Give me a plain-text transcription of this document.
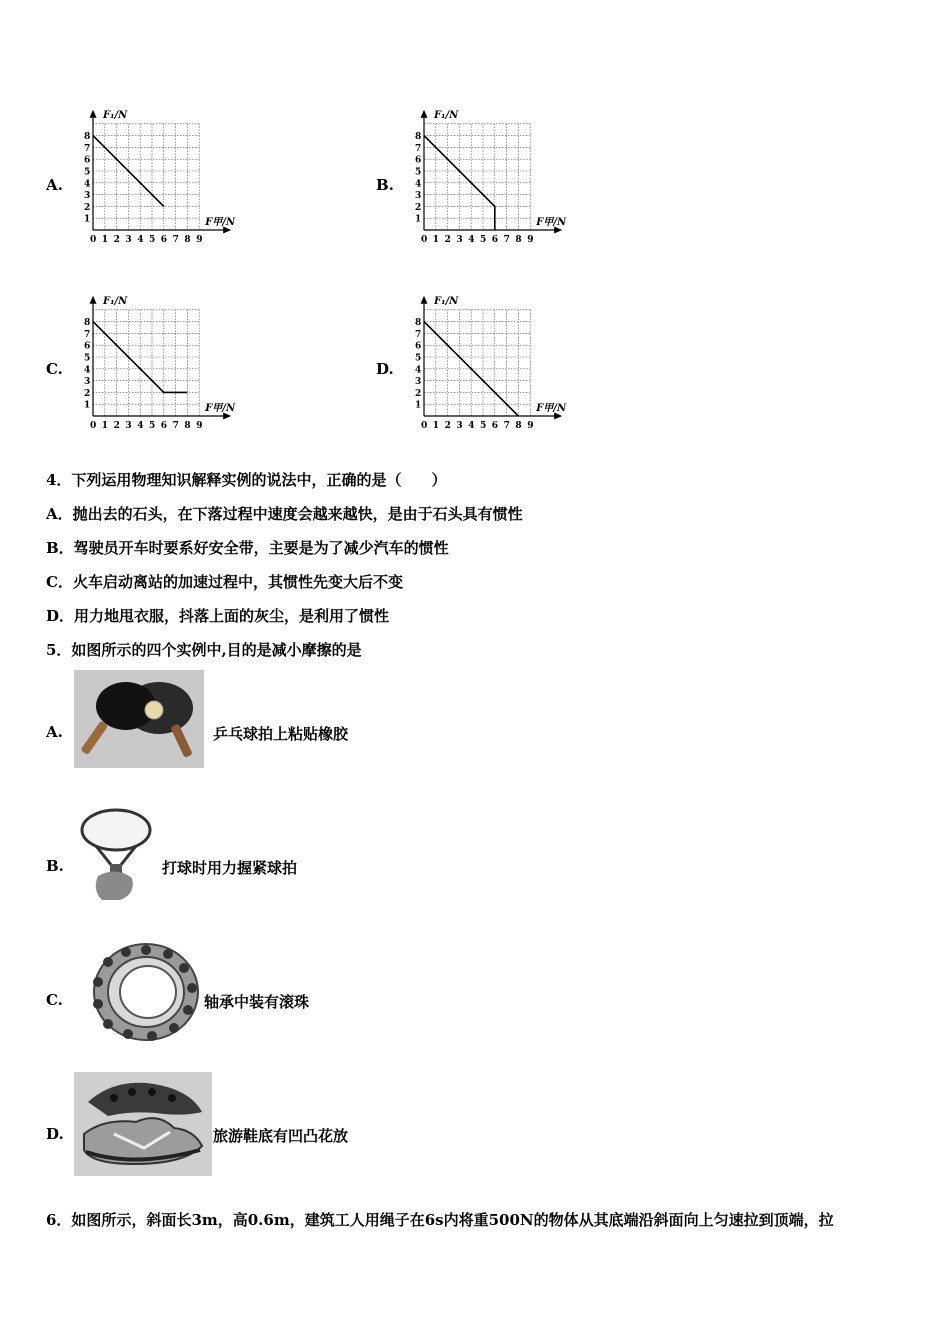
A.
0 1 2 3 4 5 6 7 8 9
1
2
3
4
5
6
7
8
F₁/N
F甲/N
B.
0 1 2 3 4 5 6 7 8 9
1
2
3
4
5
6
7
8
F₁/N
F甲/N
C.
0 1 2 3 4 5 6 7 8 9
1
2
3
4
5
6
7
8
F₁/N
F甲/N
D.
0 1 2 3 4 5 6 7 8 9
1
2
3
4
5
6
7
8
F₁/N
F甲/N
4．下列运用物理知识解释实例的说法中，正确的是（　　）
A．抛出去的石头，在下落过程中速度会越来越快，是由于石头具有惯性
B．驾驶员开车时要系好安全带，主要是为了减少汽车的惯性
C．火车启动离站的加速过程中，其惯性先变大后不变
D．用力地甩衣服，抖落上面的灰尘，是利用了惯性
5．如图所示的四个实例中,目的是减小摩擦的是
A.	乒乓球拍上粘贴橡胶
B.	打球时用力握紧球拍
C.	轴承中装有滚珠
D.	旅游鞋底有凹凸花放
6．如图所示，斜面长3m，高0.6m，建筑工人用绳子在6s内将重500N的物体从其底端沿斜面向上匀速拉到顶端，拉
